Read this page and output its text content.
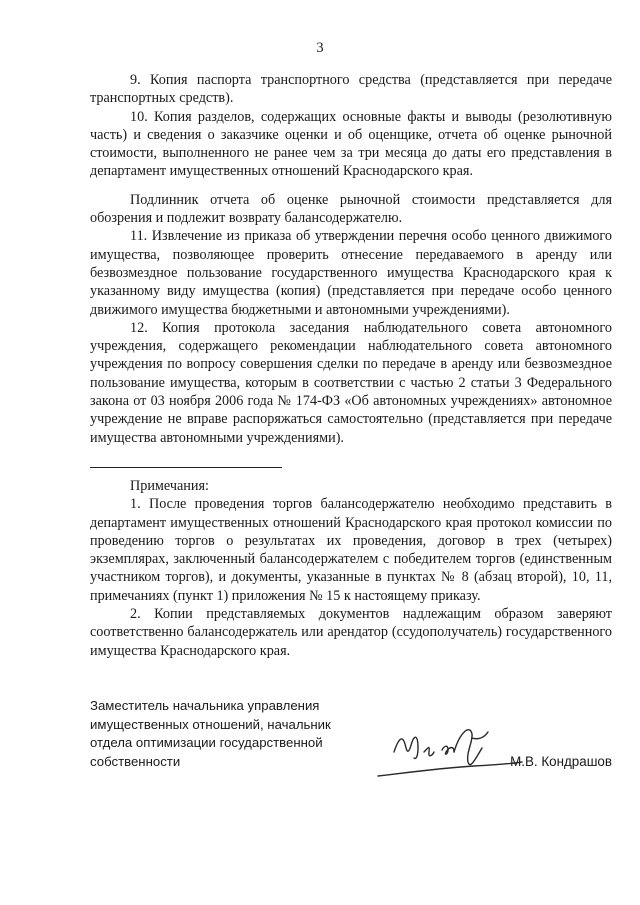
3

9. Копия паспорта транспортного средства (представляется при передаче транспортных средств).

10. Копия разделов, содержащих основные факты и выводы (резолютивную часть) и сведения о заказчике оценки и об оценщике, отчета об оценке рыночной стоимости, выполненного не ранее чем за три месяца до даты его представления в департамент имущественных отношений Краснодарского края.

Подлинник отчета об оценке рыночной стоимости представляется для обозрения и подлежит возврату балансодержателю.

11. Извлечение из приказа об утверждении перечня особо ценного движимого имущества, позволяющее проверить отнесение передаваемого в аренду или безвозмездное пользование государственного имущества Краснодарского края к указанному виду имущества (копия) (представляется при передаче особо ценного движимого имущества бюджетными и автономными учреждениями).

12. Копия протокола заседания наблюдательного совета автономного учреждения, содержащего рекомендации наблюдательного совета автономного учреждения по вопросу совершения сделки по передаче в аренду или безвозмездное пользование имущества, которым в соответствии с частью 2 статьи 3 Федерального закона от 03 ноября 2006 года № 174-ФЗ «Об автономных учреждениях» автономное учреждение не вправе распоряжаться самостоятельно (представляется при передаче имущества автономными учреждениями).

Примечания:

1. После проведения торгов балансодержателю необходимо представить в департамент имущественных отношений Краснодарского края протокол комиссии по проведению торгов о результатах их проведения, договор в трех (четырех) экземплярах, заключенный балансодержателем с победителем торгов (единственным участником торгов), и документы, указанные в пунктах № 8 (абзац второй), 10, 11, примечаниях (пункт 1) приложения № 15 к настоящему приказу.

2. Копии представляемых документов надлежащим образом заверяют соответственно балансодержатель или арендатор (ссудополучатель) государственного имущества Краснодарского края.

Заместитель начальника управления
имущественных отношений, начальник
отдела оптимизации государственной
собственности	М.В. Кондрашов
